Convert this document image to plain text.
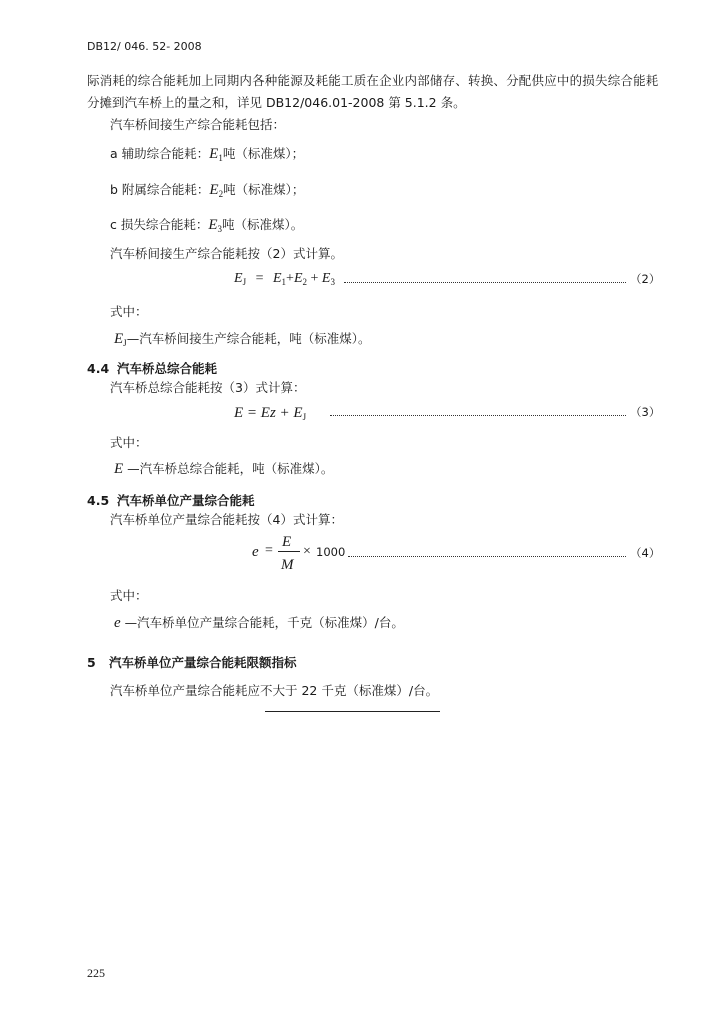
DB12/ 046. 52- 2008
际消耗的综合能耗加上同期内各种能源及耗能工质在企业内部储存、转换、分配供应中的损失综合能耗
分摊到汽车桥上的量之和，详见 DB12/046.01-2008 第 5.1.2 条。
汽车桥间接生产综合能耗包括：
a 辅助综合能耗：$E_1$吨（标准煤）；
b 附属综合能耗：$E_2$吨（标准煤）；
c 损失综合能耗：$E_3$吨（标准煤）。
汽车桥间接生产综合能耗按（2）式计算。
$E_J = E_1+E_2 + E_3$	（2）
式中：
$E_J—$汽车桥间接生产综合能耗，吨（标准煤）。
4.4 汽车桥总综合能耗
汽车桥总综合能耗按（3）式计算：
$E = Ez + E_J$	（3）
式中：
E —汽车桥总综合能耗，吨（标准煤）。
4.5 汽车桥单位产量综合能耗
汽车桥单位产量综合能耗按（4）式计算：
e =
E
M
× 1000	（4）
式中：
e —汽车桥单位产量综合能耗，千克（标准煤）/台。
5 汽车桥单位产量综合能耗限额指标
汽车桥单位产量综合能耗应不大于 22 千克（标准煤）/台。
225
